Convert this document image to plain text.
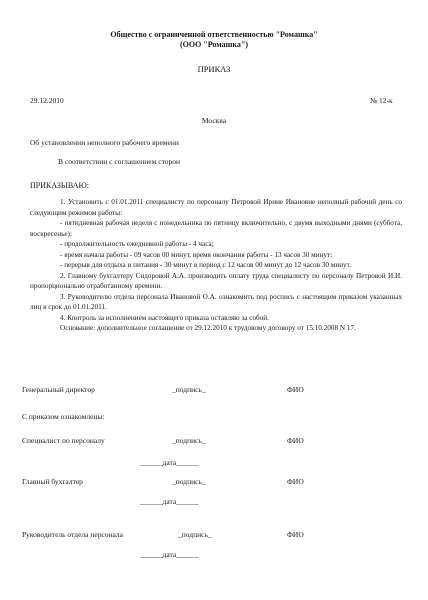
Общество с ограниченной ответственностью "Ромашка"
(ООО "Ромашка")
ПРИКАЗ
29.12.2010	№ 12-к
Москва
Об установлении неполного рабочего времени
В соответствии с соглашением сторон
ПРИКАЗЫВАЮ:

1. Установить с 01.01.2011 специалисту по персоналу Петровой Ирине Ивановне неполный рабочий день со следующим режимом работы:

- пятидневная рабочая неделя с понедельника по пятницу включительно, с двумя выходными днями (суббота, воскресенье);

- продолжительность ежедневной работы - 4 часа;

- время начала работы - 09 часов 00 минут, время окончания работы - 13 часов 30 минут;

- перерыв для отдыха и питания - 30 минут в период с 12 часов 00 минут до 12 часов 30 минут.

2. Главному бухгалтеру Сидоровой А.А. производить оплату труда специалисту по персоналу Петровой И.И. пропорционально отработанному времени.

3. Руководителю отдела персонала Ивановой О.А. ознакомить под роспись с настоящим приказом указанных лиц в срок до 01.01.2011.

4. Контроль за исполнением настоящего приказа оставляю за собой.

Основание: дополнительное соглашение от 29.12.2010 к трудовому договору от 15.10.2008 N 17.

Генеральный директор	_подпись_	ФИО
С приказом ознакомлены:
Специалист по персоналу	_подпись_	ФИО
______дата______
Главный бухгалтер	_подпись_	ФИО
______дата______
Руководитель отдела персонала	_подпись_	ФИО
______дата______
